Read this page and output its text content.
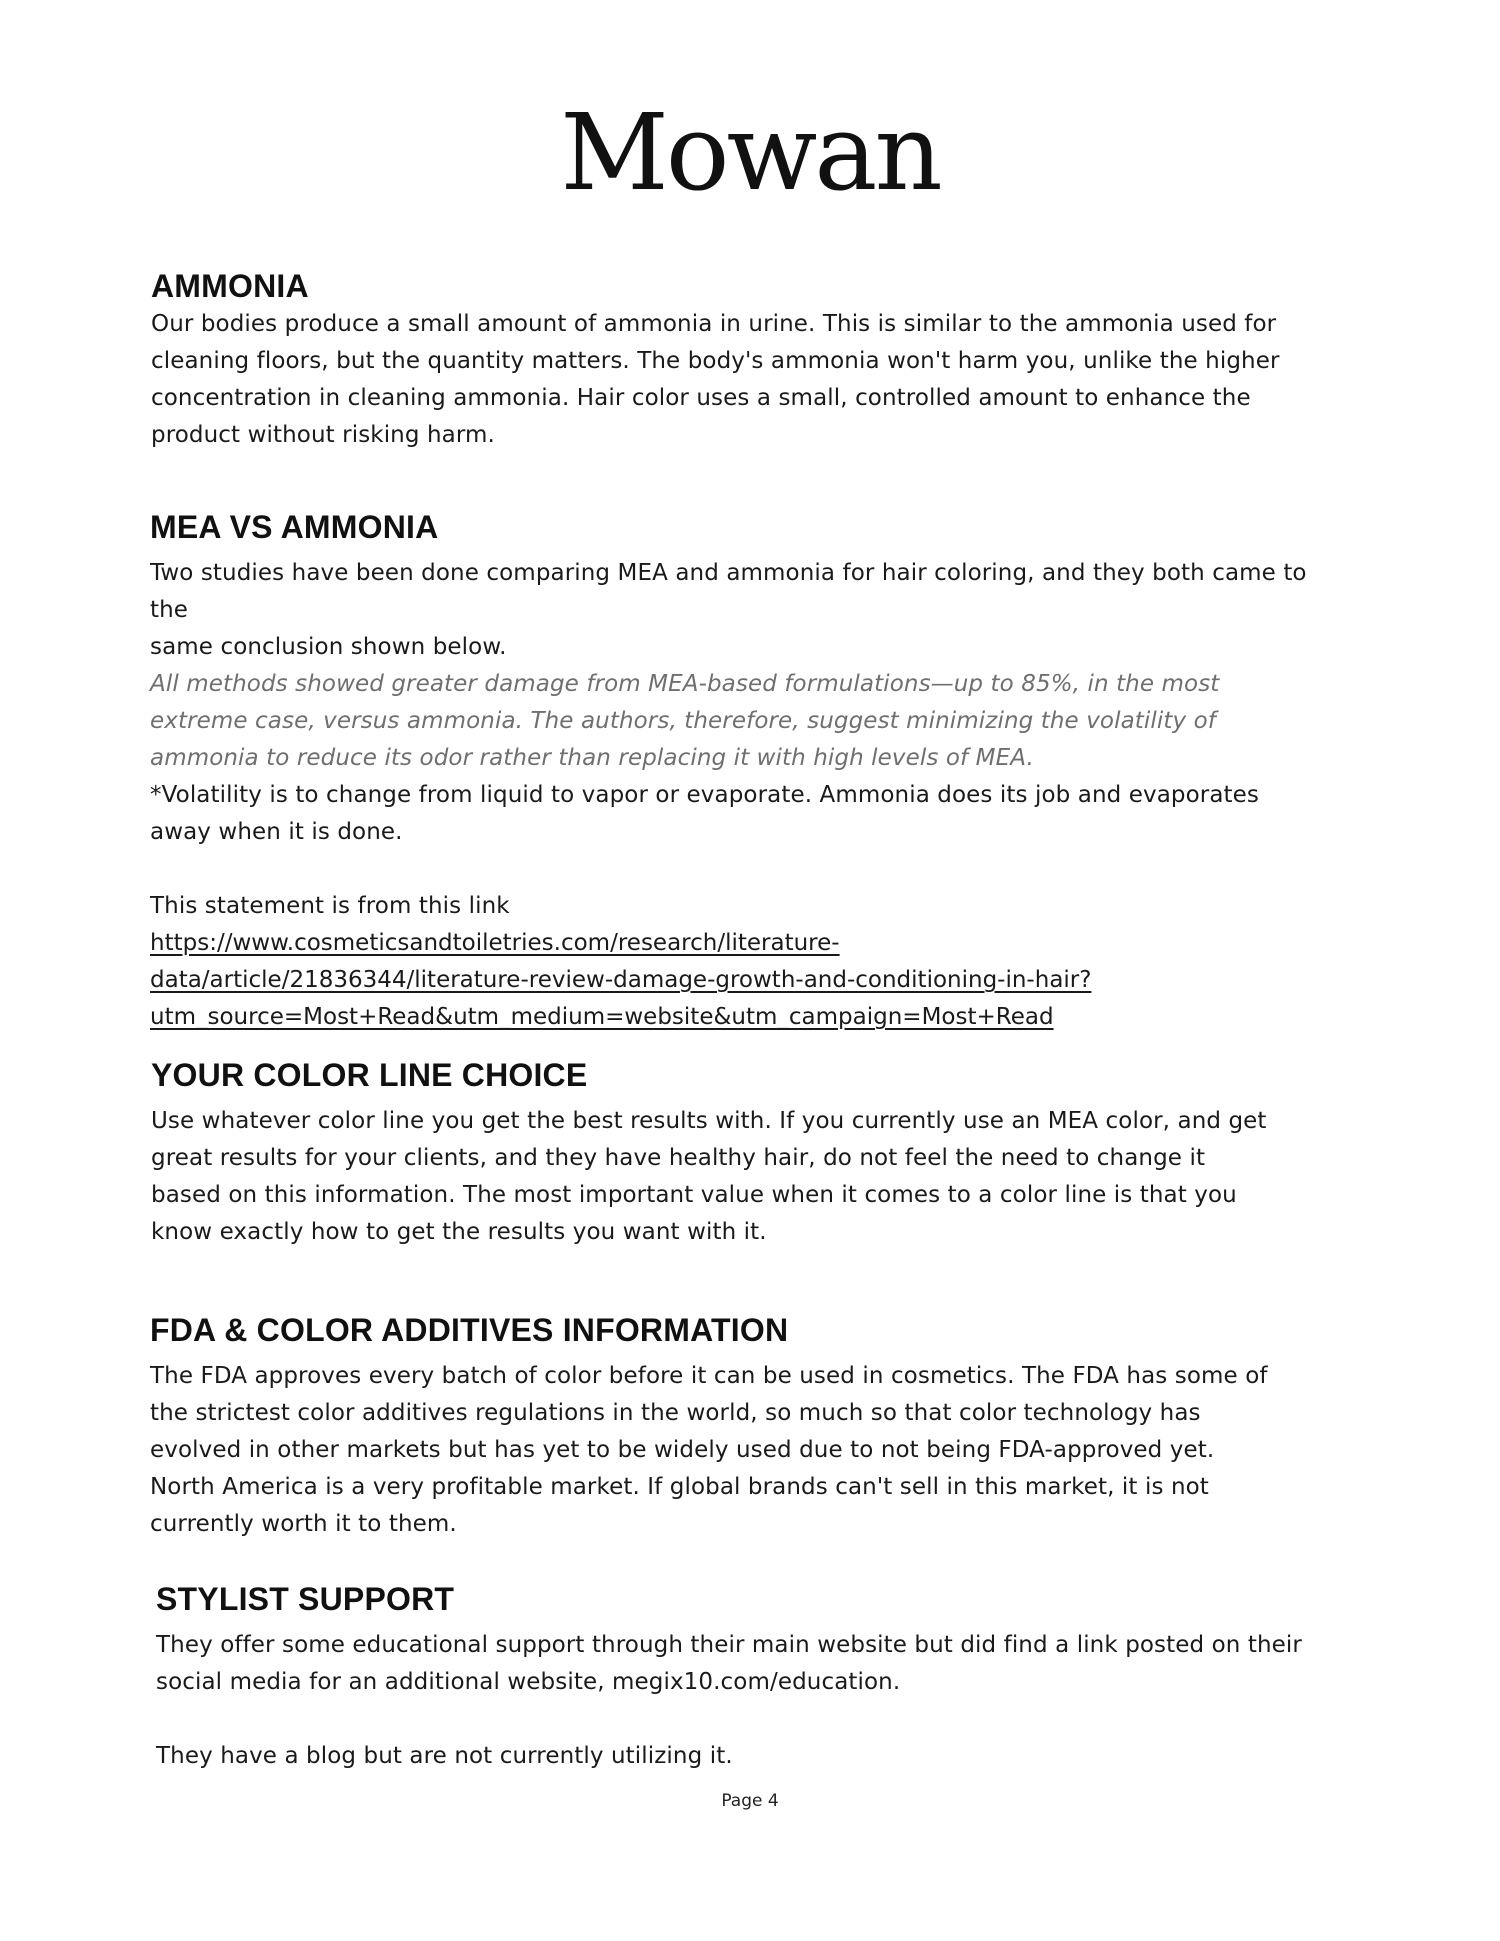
Mowan
AMMONIA

Our bodies produce a small amount of ammonia in urine. This is similar to the ammonia used for

cleaning floors, but the quantity matters. The body's ammonia won't harm you, unlike the higher

concentration in cleaning ammonia. Hair color uses a small, controlled amount to enhance the

product without risking harm.

MEA VS AMMONIA

Two studies have been done comparing MEA and ammonia for hair coloring, and they both came to the

same conclusion shown below.

All methods showed greater damage from MEA-based formulations—up to 85%, in the most

extreme case, versus ammonia. The authors, therefore, suggest minimizing the volatility of

ammonia to reduce its odor rather than replacing it with high levels of MEA.

*Volatility is to change from liquid to vapor or evaporate. Ammonia does its job and evaporates

away when it is done.

This statement is from this link

https://www.cosmeticsandtoiletries.com/research/literature-
data/article/21836344/literature-review-damage-growth-and-conditioning-in-hair?
utm_source=Most+Read&utm_medium=website&utm_campaign=Most+Read
YOUR COLOR LINE CHOICE

Use whatever color line you get the best results with. If you currently use an MEA color, and get

great results for your clients, and they have healthy hair, do not feel the need to change it

based on this information. The most important value when it comes to a color line is that you

know exactly how to get the results you want with it.

FDA & COLOR ADDITIVES INFORMATION

The FDA approves every batch of color before it can be used in cosmetics. The FDA has some of

the strictest color additives regulations in the world, so much so that color technology has

evolved in other markets but has yet to be widely used due to not being FDA-approved yet.

North America is a very profitable market. If global brands can't sell in this market, it is not

currently worth it to them.

STYLIST SUPPORT

They offer some educational support through their main website but did find a link posted on their

social media for an additional website, megix10.com/education.

They have a blog but are not currently utilizing it.

Page 4
